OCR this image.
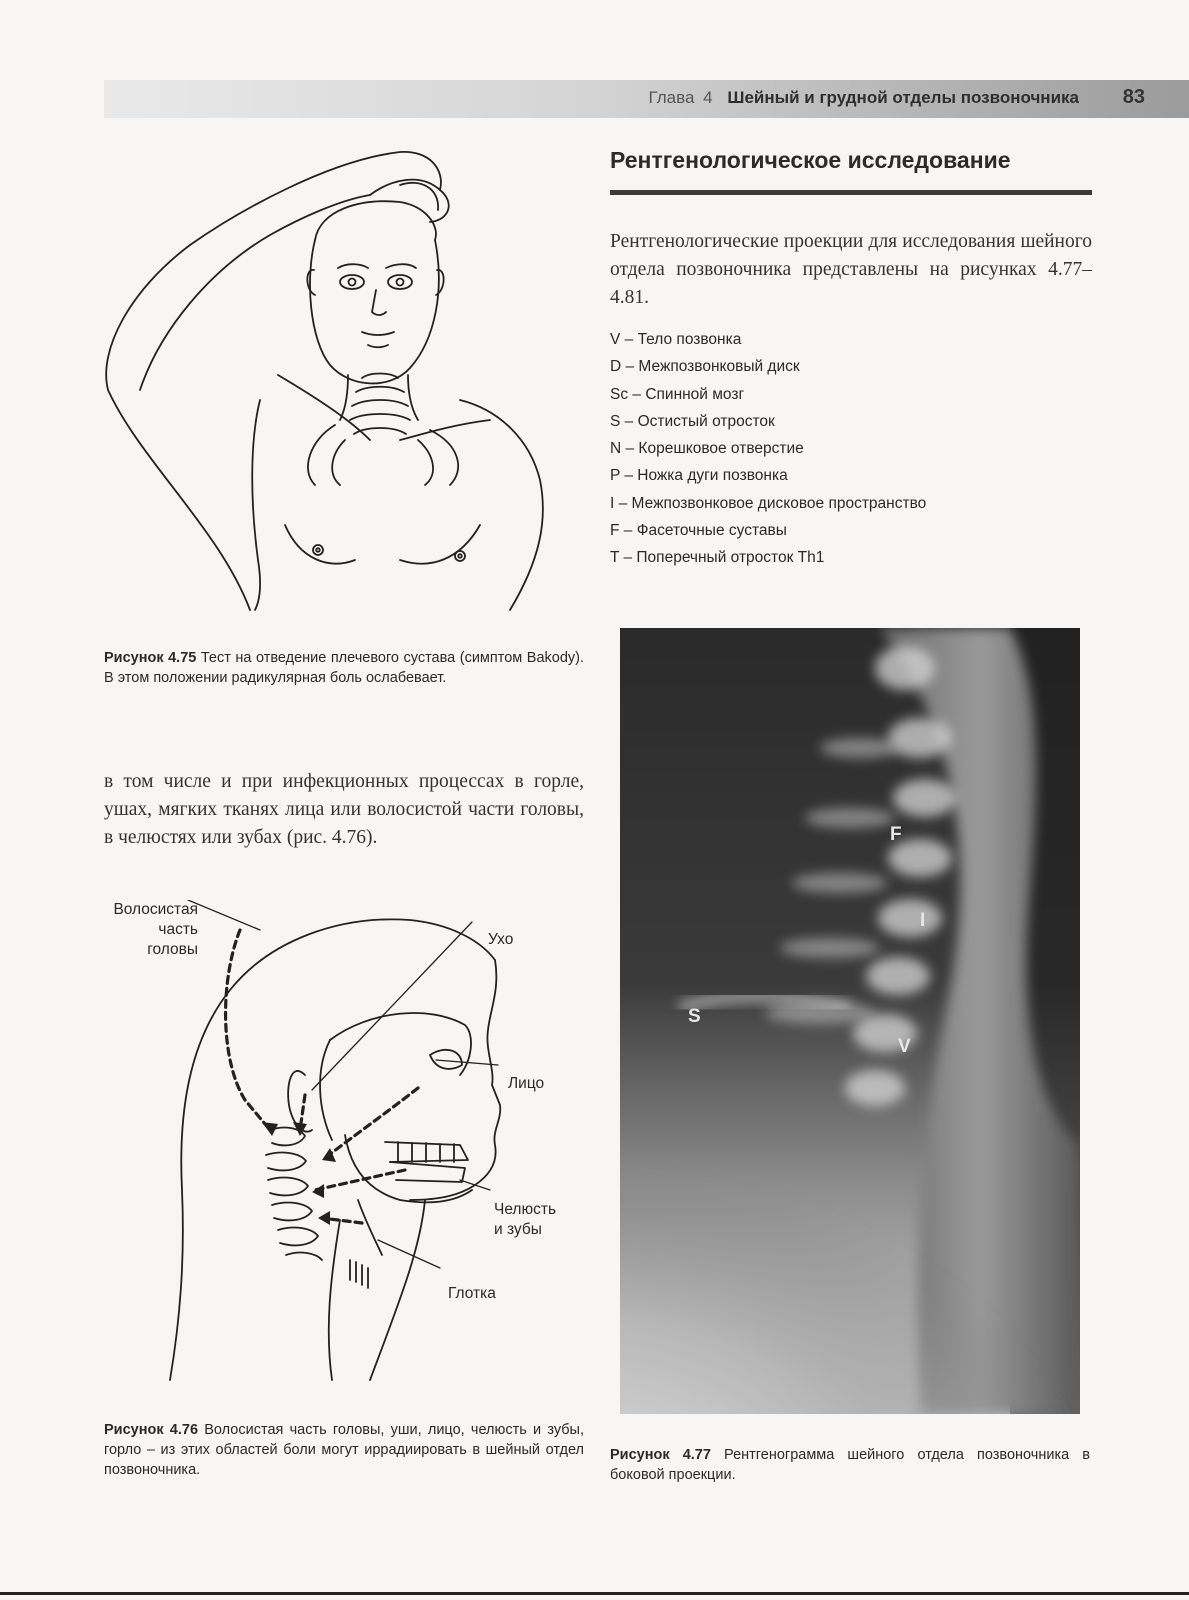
Глава 4 Шейный и грудной отделы позвоночника 83
Рисунок 4.75 Тест на отведение плечевого сустава (симптом Bakody). В этом положении радикулярная боль ослабевает.
в том числе и при инфекционных процессах в горле, ушах, мягких тканях лица или волосистой части головы, в челюстях или зубах (рис. 4.76).
Волосистая
часть
головы
Ухо
Лицо
Челюсть
и зубы
Глотка
Рисунок 4.76 Волосистая часть головы, уши, лицо, челюсть и зубы, горло – из этих областей боли могут иррадиировать в шейный отдел позвоночника.
Рентгенологическое исследование
Рентгенологические проекции для исследования шейного отдела позвоночника представлены на рисунках 4.77–4.81.
V – Тело позвонка
D – Межпозвонковый диск
Sc – Спинной мозг
S – Остистый отросток
N – Корешковое отверстие
P – Ножка дуги позвонка
I – Межпозвонковое дисковое пространство
F – Фасеточные суставы
T – Поперечный отросток Th1
F
I
S
V
Рисунок 4.77 Рентгенограмма шейного отдела позвоночника в боковой проекции.
